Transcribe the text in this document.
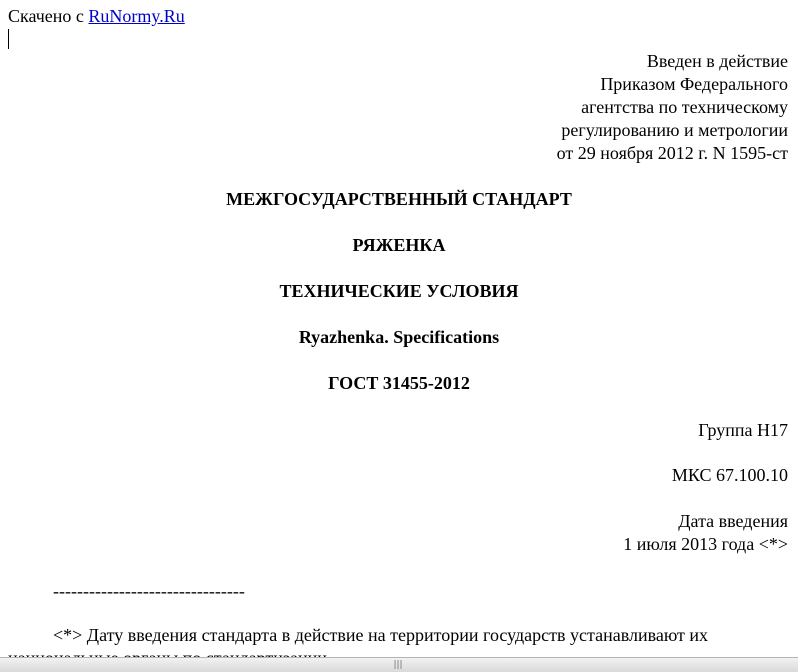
Скачено с RuNormy.Ru
Введен в действие
Приказом Федерального
агентства по техническому
регулированию и метрологии
от 29 ноября 2012 г. N 1595-ст
МЕЖГОСУДАРСТВЕННЫЙ СТАНДАРТ
РЯЖЕНКА
ТЕХНИЧЕСКИЕ УСЛОВИЯ
Ryazhenka. Specifications
ГОСТ 31455-2012
Группа Н17
МКС 67.100.10
Дата введения
1 июля 2013 года <*>
--------------------------------
<*> Дату введения стандарта в действие на территории государств устанавливают их
|||
